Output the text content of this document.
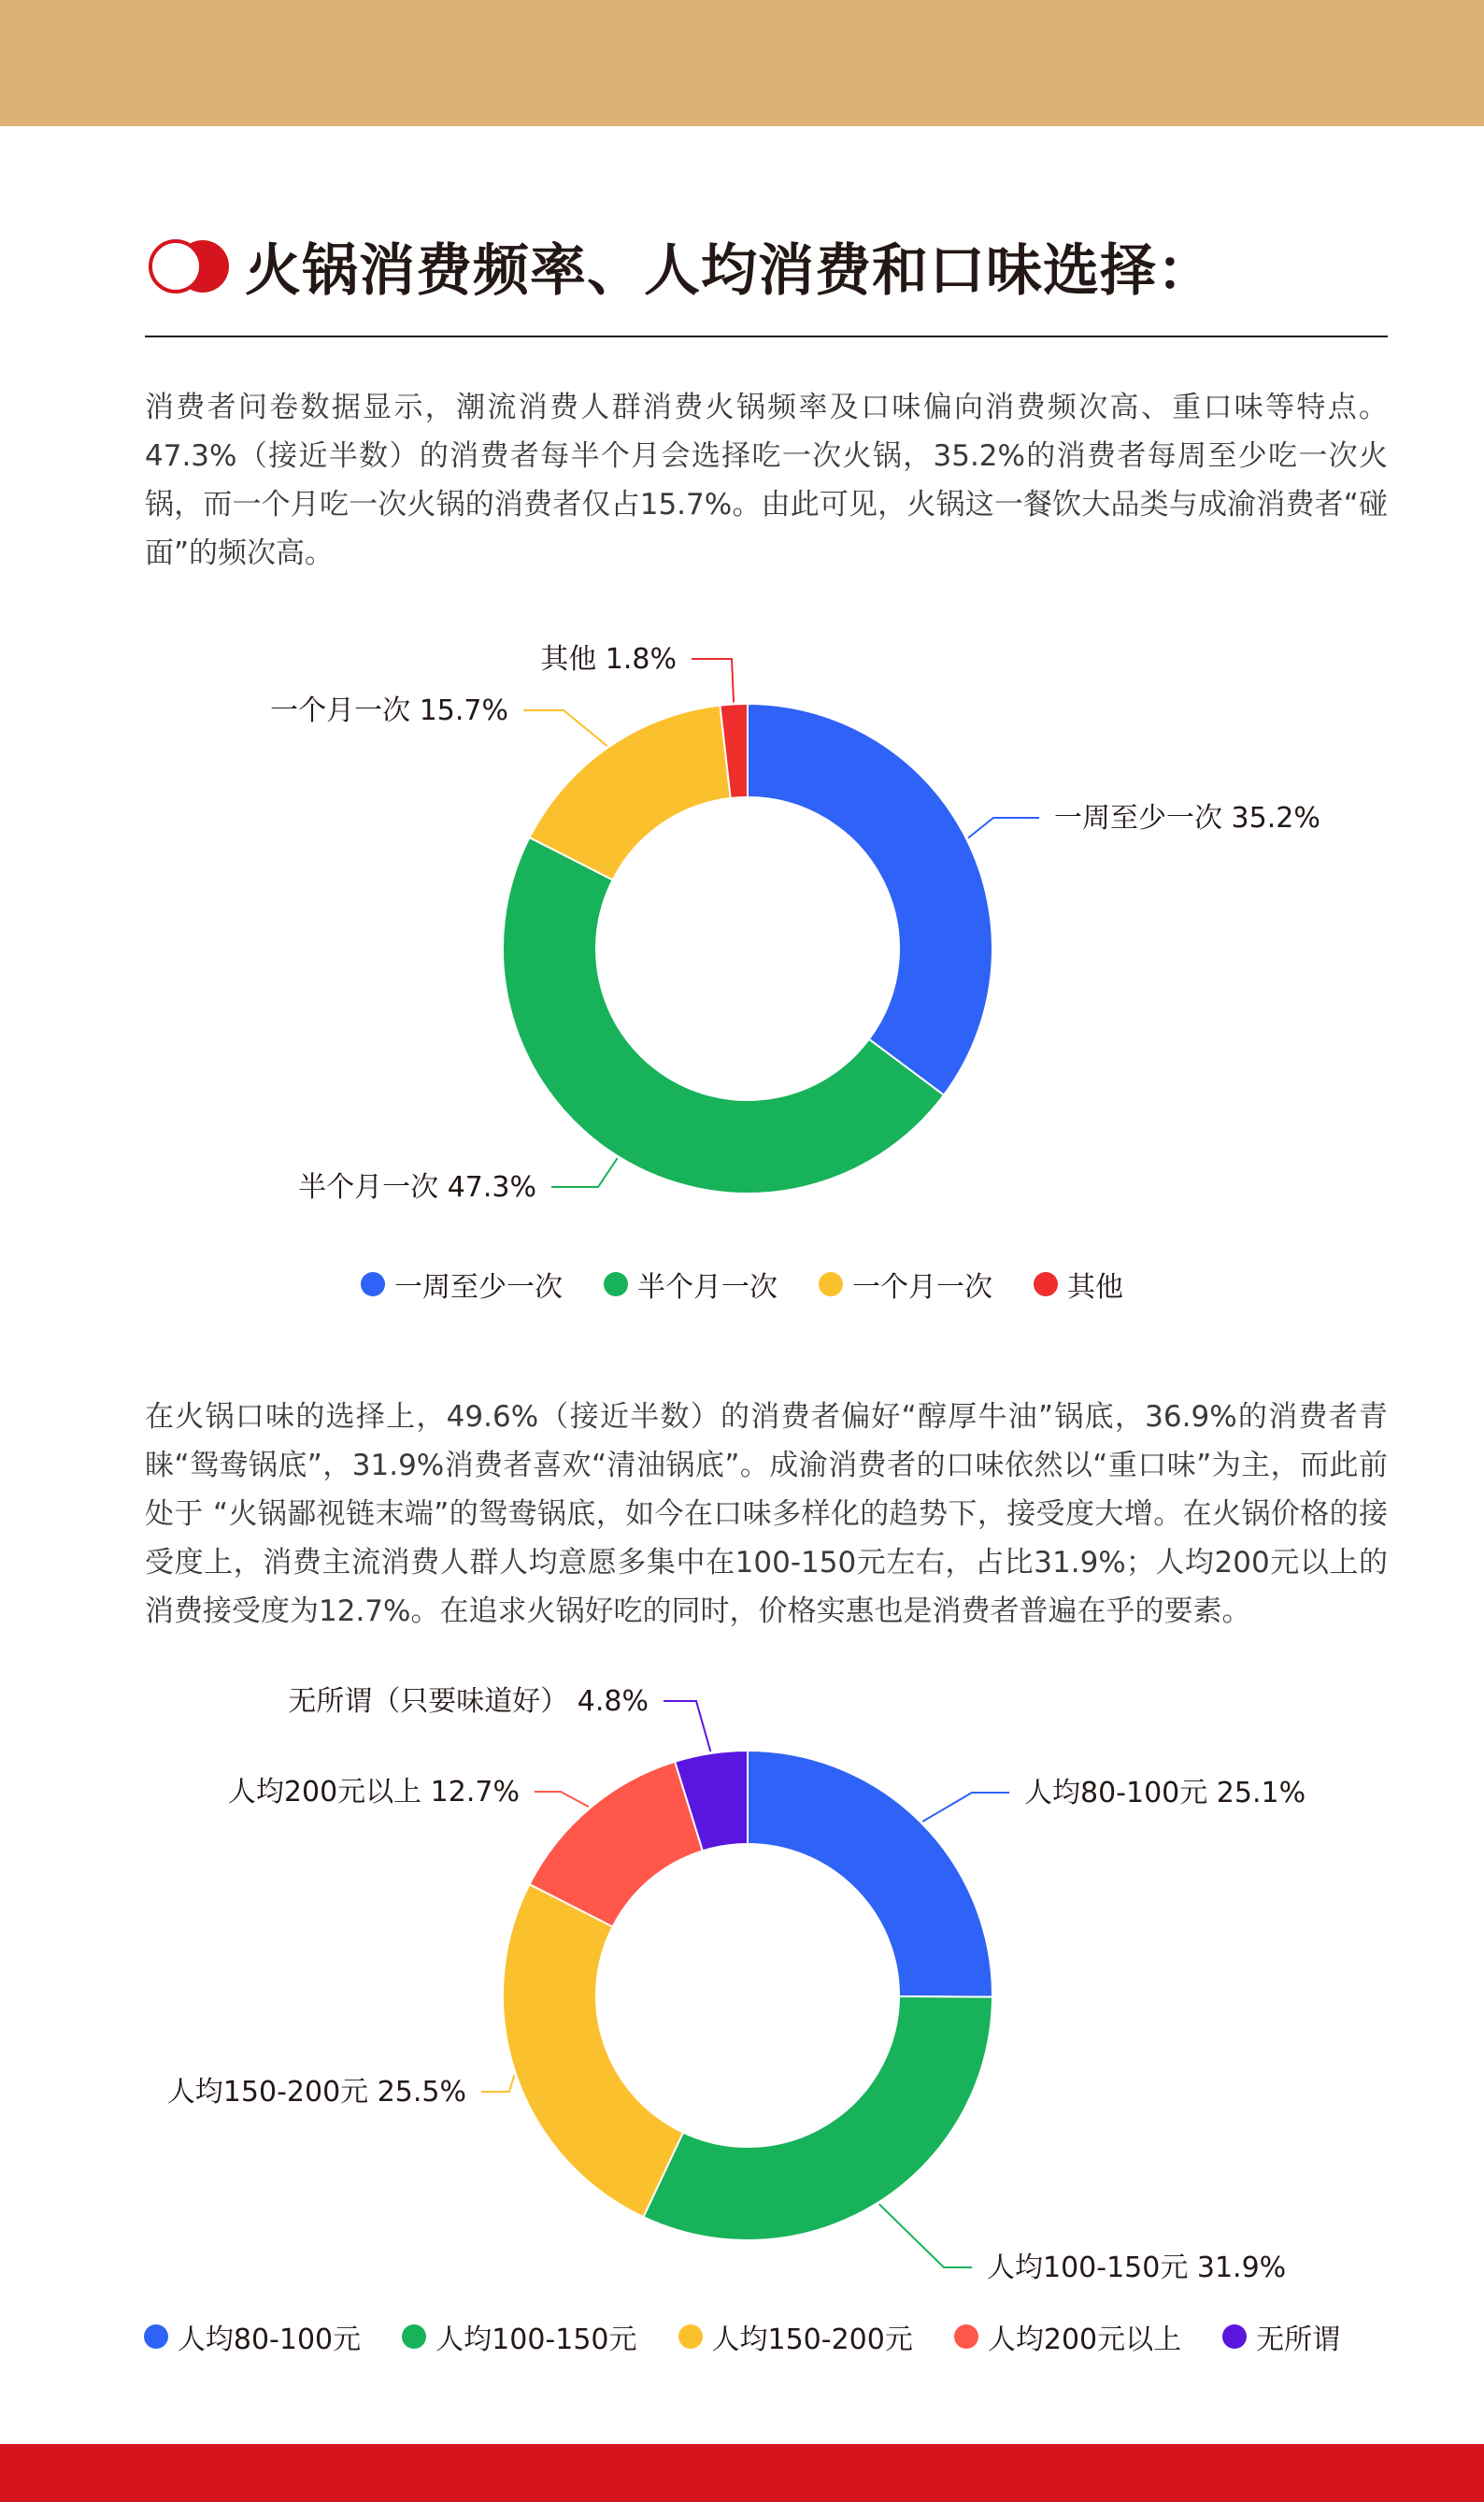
火锅消费频率、人均消费和口味选择：

消费者问卷数据显示，潮流消费人群消费火锅频率及口味偏向消费频次高、重口味等特点。47.3%（接近半数）的消费者每半个月会选择吃一次火锅，35.2%的消费者每周至少吃一次火锅，而一个月吃一次火锅的消费者仅占15.7%。由此可见，火锅这一餐饮大品类与成渝消费者“碰面”的频次高。

一周至少一次 35.2%
半个月一次 47.3%
一个月一次 15.7%
其他 1.8%
一周至少一次	半个月一次	一个月一次	其他

在火锅口味的选择上，49.6%（接近半数）的消费者偏好“醇厚牛油”锅底，36.9%的消费者青睐“鸳鸯锅底”，31.9%消费者喜欢“清油锅底”。成渝消费者的口味依然以“重口味”为主，而此前处于 “火锅鄙视链末端”的鸳鸯锅底，如今在口味多样化的趋势下，接受度大增。在火锅价格的接受度上，消费主流消费人群人均意愿多集中在100-150元左右，占比31.9%；人均200元以上的消费接受度为12.7%。在追求火锅好吃的同时，价格实惠也是消费者普遍在乎的要素。

人均80-100元 25.1%
人均100-150元 31.9%
人均150-200元 25.5%
人均200元以上 12.7%
无所谓（只要味道好） 4.8%
人均80-100元	人均100-150元	人均150-200元	人均200元以上	无所谓
